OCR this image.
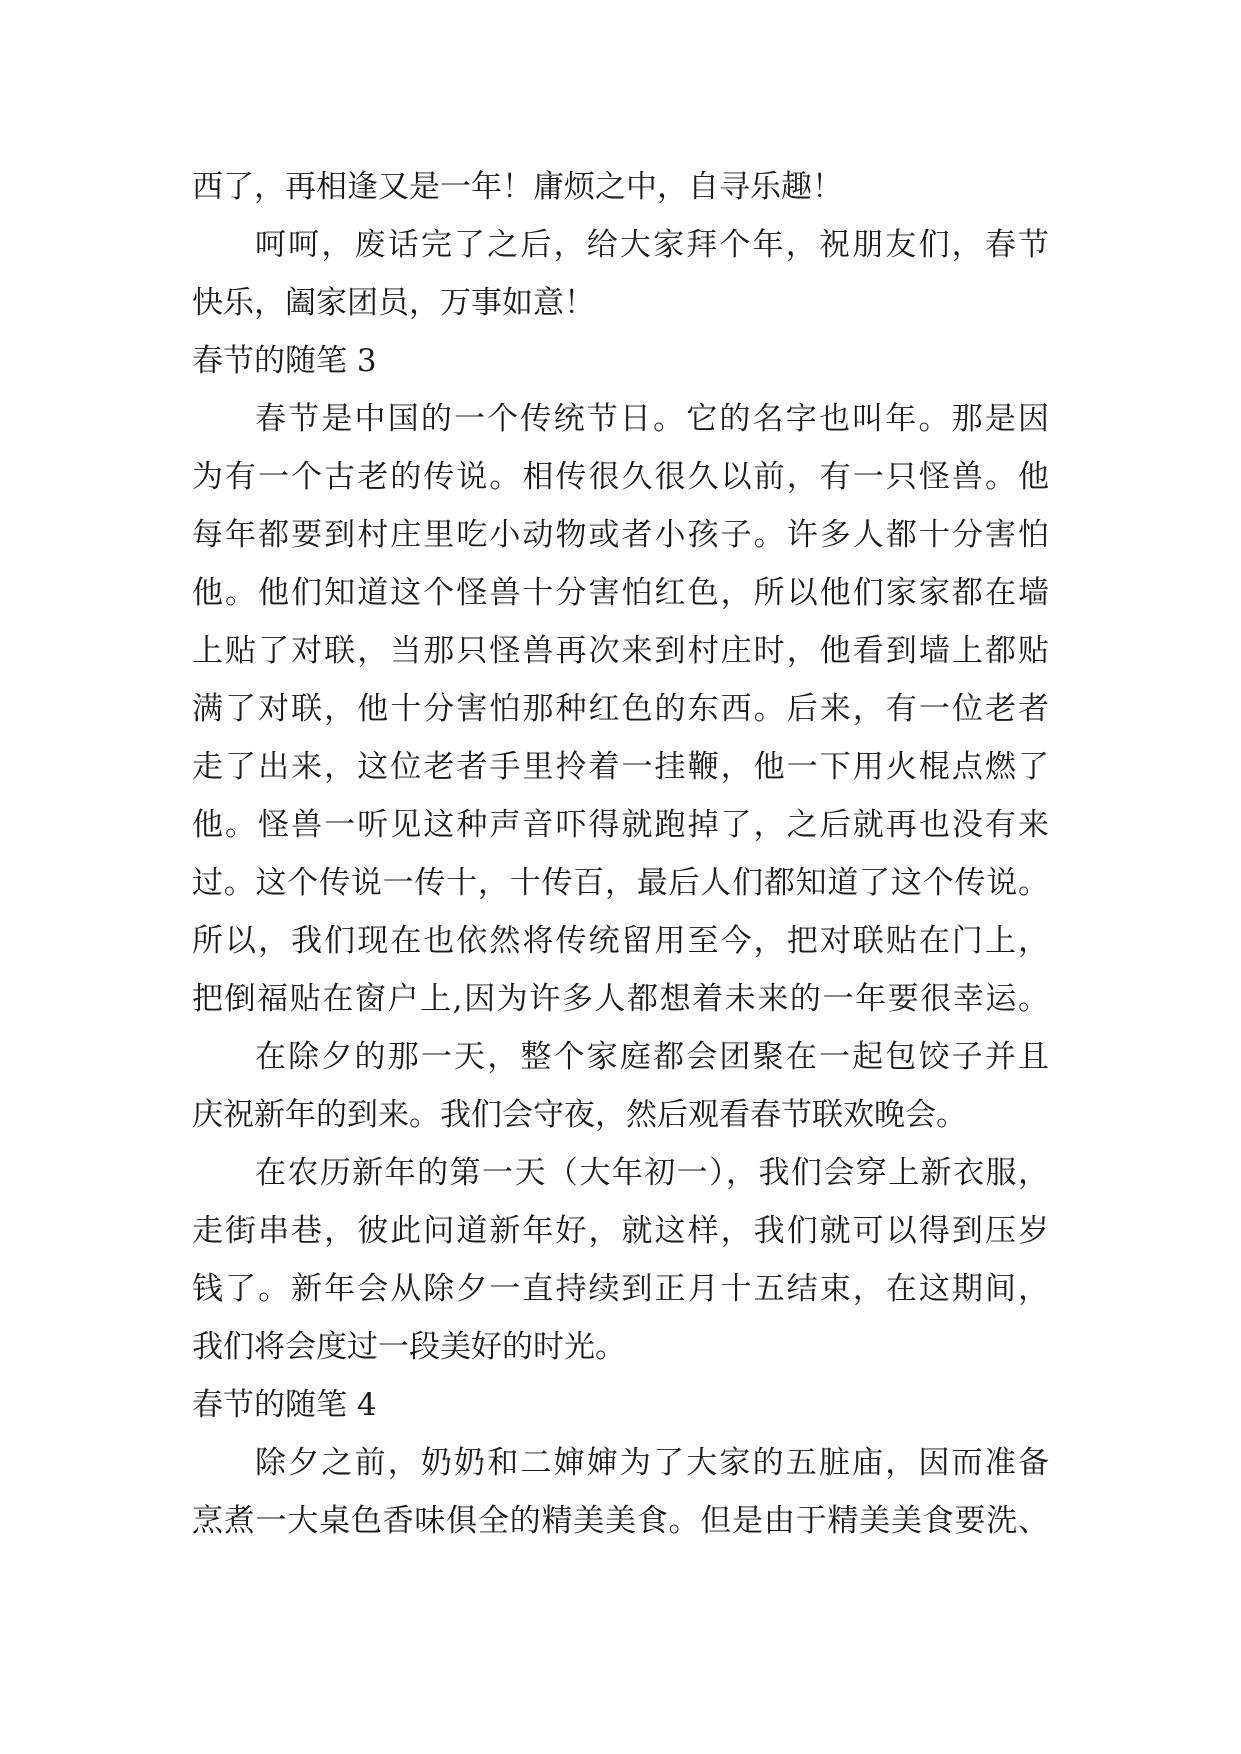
西了，再相逢又是一年！庸烦之中，自寻乐趣！
呵呵，废话完了之后，给大家拜个年，祝朋友们，春节
快乐，阖家团员，万事如意！
春节的随笔 3
春节是中国的一个传统节日。它的名字也叫年。那是因
为有一个古老的传说。相传很久很久以前，有一只怪兽。他
每年都要到村庄里吃小动物或者小孩子。许多人都十分害怕
他。他们知道这个怪兽十分害怕红色，所以他们家家都在墙
上贴了对联，当那只怪兽再次来到村庄时，他看到墙上都贴
满了对联，他十分害怕那种红色的东西。后来，有一位老者
走了出来，这位老者手里拎着一挂鞭，他一下用火棍点燃了
他。怪兽一听见这种声音吓得就跑掉了，之后就再也没有来
过。这个传说一传十，十传百，最后人们都知道了这个传说。
所以，我们现在也依然将传统留用至今，把对联贴在门上，
把倒福贴在窗户上,因为许多人都想着未来的一年要很幸运。
在除夕的那一天，整个家庭都会团聚在一起包饺子并且
庆祝新年的到来。我们会守夜，然后观看春节联欢晚会。
在农历新年的第一天（大年初一），我们会穿上新衣服，
走街串巷，彼此问道新年好，就这样，我们就可以得到压岁
钱了。新年会从除夕一直持续到正月十五结束，在这期间，
我们将会度过一段美好的时光。
春节的随笔 4
除夕之前，奶奶和二婶婶为了大家的五脏庙，因而准备
烹煮一大桌色香味俱全的精美美食。但是由于精美美食要洗、
